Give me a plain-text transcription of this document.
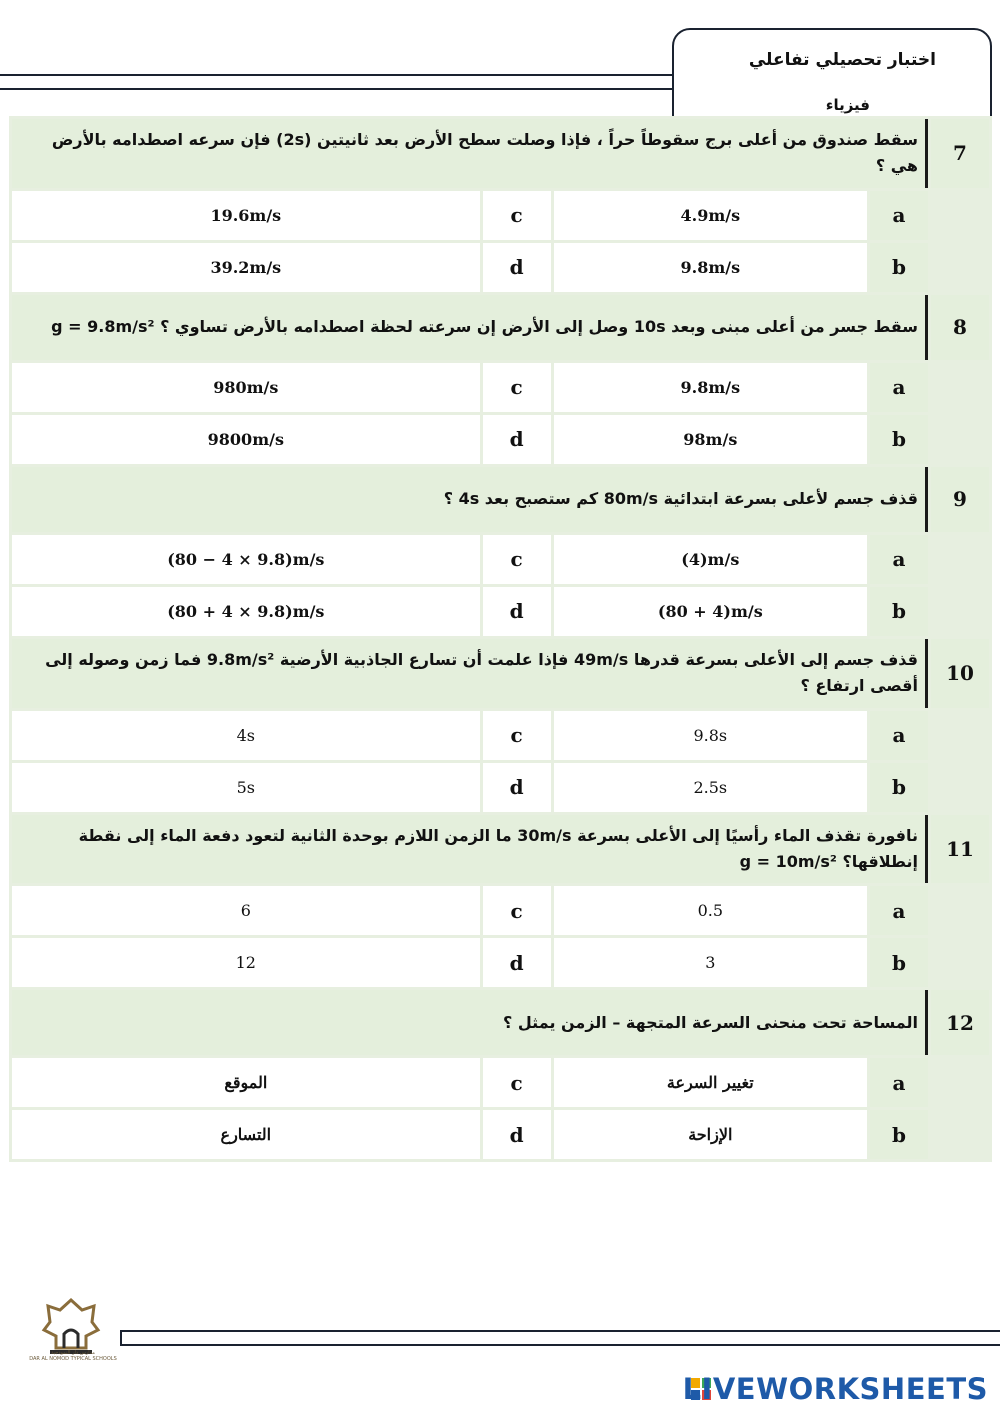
اختبار تحصيلي تفاعلي
فيزياء
سقط صندوق من أعلى برج سقوطاً حراً ، فإذا وصلت سطح الأرض بعد ثانيتين (2s) فإن سرعه اصطدامه بالأرض هي ؟				7
19.6m/s	c	4.9m/s	a	
39.2m/s	d	9.8m/s	b	
سقط جسر من أعلى مبنى وبعد 10s وصل إلى الأرض إن سرعته لحظة اصطدامه بالأرض تساوي ؟ g = 9.8m/s²				8
980m/s	c	9.8m/s	a	
9800m/s	d	98m/s	b	
قذف جسم لأعلى بسرعة ابتدائية 80m/s كم ستصبح بعد 4s ؟				9
(80 − 4 × 9.8)m/s	c	(4)m/s	a	
(80 + 4 × 9.8)m/s	d	(80 + 4)m/s	b	
قذف جسم إلى الأعلى بسرعة قدرها 49m/s فإذا علمت أن تسارع الجاذبية الأرضية 9.8m/s² فما زمن وصوله إلى أقصى ارتفاع ؟				10
4s	c	9.8s	a	
5s	d	2.5s	b	
نافورة تقذف الماء رأسيًا إلى الأعلى بسرعة 30m/s ما الزمن اللازم بوحدة الثانية لتعود دفعة الماء إلى نقطة إنطلاقها؟ g = 10m/s²				11
6	c	0.5	a	
12	d	3	b	
المساحة تحت منحنى السرعة المتجهة – الزمن يمثل ؟				12
الموقع	c	تغيير السرعة	a	
التسارع	d	الإزاحة	b	
مدارس دار النموذجية
DAR AL NOMOD TYPICAL SCHOOLS
LIVEWORKSHEETS
